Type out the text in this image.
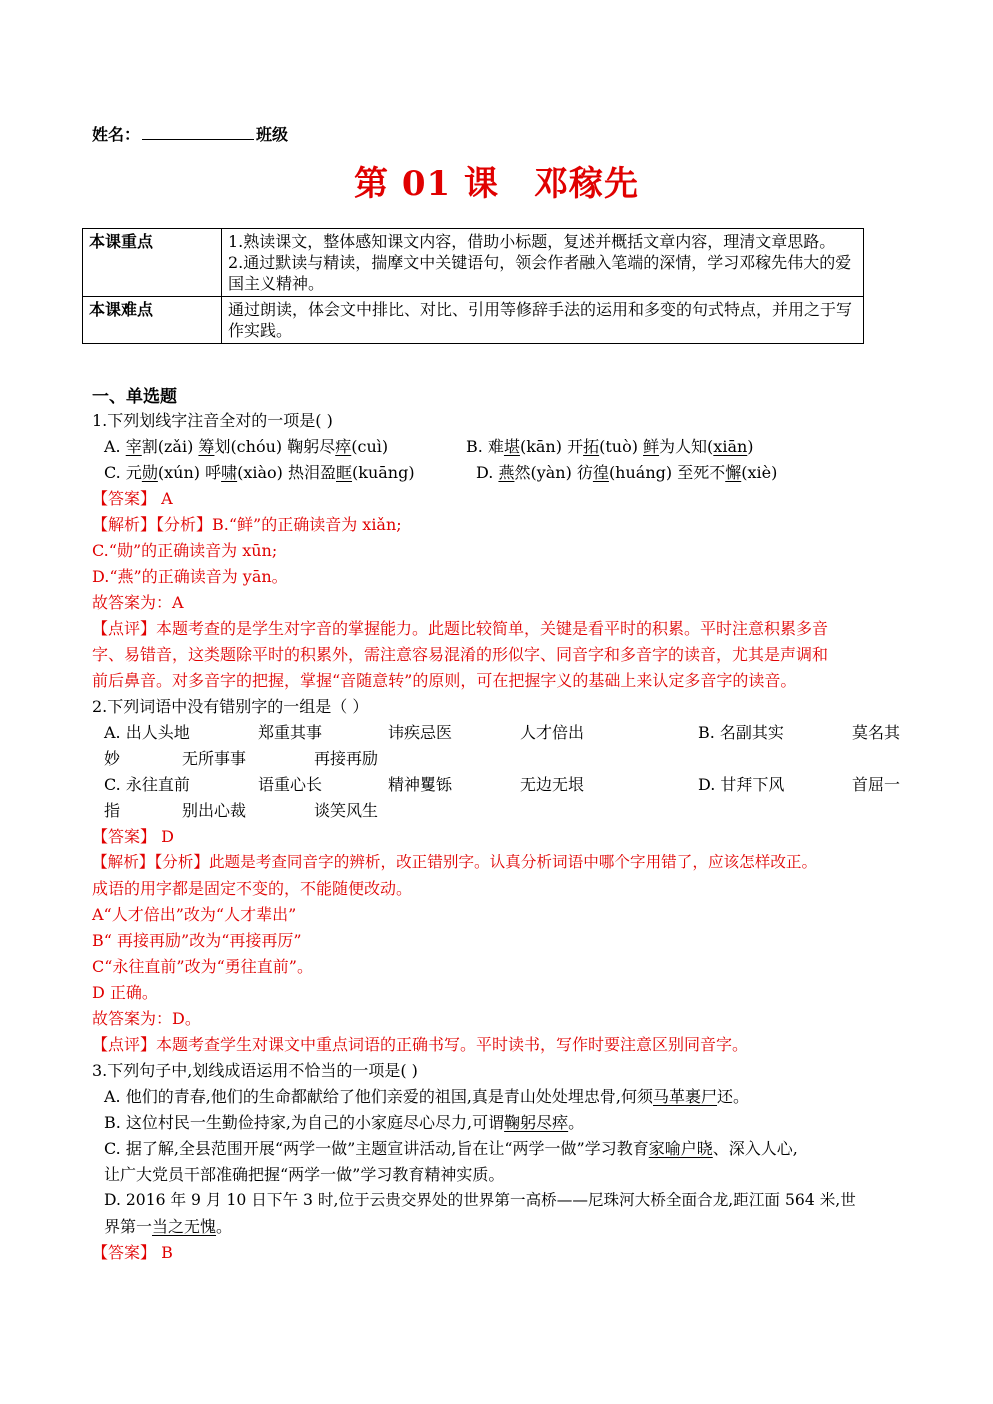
姓名：	班级
第 01 课　邓稼先
本课重点	1.熟读课文，整体感知课文内容，借助小标题，复述并概括文章内容，理清文章思路。
2.通过默读与精读，揣摩文中关键语句，领会作者融入笔端的深情，学习邓稼先伟大的爱国主义精神。

本课难点	通过朗读，体会文中排比、对比、引用等修辞手法的运用和多变的句式特点，并用之于写作实践。
一、单选题
1.下列划线字注音全对的一项是( )
A. 宰割(zǎi) 筹划(chóu) 鞠躬尽瘁(cuì)	B. 难堪(kān) 开拓(tuò) 鲜为人知(xiān)
C. 元勋(xún) 呼啸(xiào) 热泪盈眶(kuāng)	D. 燕然(yàn) 彷徨(huáng) 至死不懈(xiè)
【答案】 A
【解析】【分析】B.“鲜”的正确读音为 xiǎn;
C.“勋”的正确读音为 xūn;
D.“燕”的正确读音为 yān。
故答案为：A
【点评】本题考查的是学生对字音的掌握能力。此题比较简单，关键是看平时的积累。平时注意积累多音
字、易错音，这类题除平时的积累外，需注意容易混淆的形似字、同音字和多音字的读音，尤其是声调和
前后鼻音。对多音字的把握，掌握“音随意转”的原则，可在把握字义的基础上来认定多音字的读音。
2.下列词语中没有错别字的一组是（ ）
A. 出人头地	郑重其事	讳疾忌医	人才倍出	B. 名副其实	莫名其
妙	无所事事	再接再励
C. 永往直前	语重心长	精神矍铄	无边无垠	D. 甘拜下风	首屈一
指	别出心裁	谈笑风生
【答案】 D
【解析】【分析】此题是考查同音字的辨析，改正错别字。认真分析词语中哪个字用错了，应该怎样改正。
成语的用字都是固定不变的，不能随便改动。
A“人才倍出”改为“人才辈出”
B“ 再接再励”改为“再接再厉”
C“永往直前”改为“勇往直前”。
D 正确。
故答案为：D。
【点评】本题考查学生对课文中重点词语的正确书写。平时读书，写作时要注意区别同音字。
3.下列句子中,划线成语运用不恰当的一项是( )
A. 他们的青春,他们的生命都献给了他们亲爱的祖国,真是青山处处埋忠骨,何须马革裹尸还。
B. 这位村民一生勤俭持家,为自己的小家庭尽心尽力,可谓鞠躬尽瘁。
C. 据了解,全县范围开展“两学一做”主题宣讲活动,旨在让“两学一做”学习教育家喻户晓、深入人心,
让广大党员干部准确把握“两学一做”学习教育精神实质。
D. 2016 年 9 月 10 日下午 3 时,位于云贵交界处的世界第一高桥——尼珠河大桥全面合龙,距江面 564 米,世
界第一当之无愧。
【答案】 B
